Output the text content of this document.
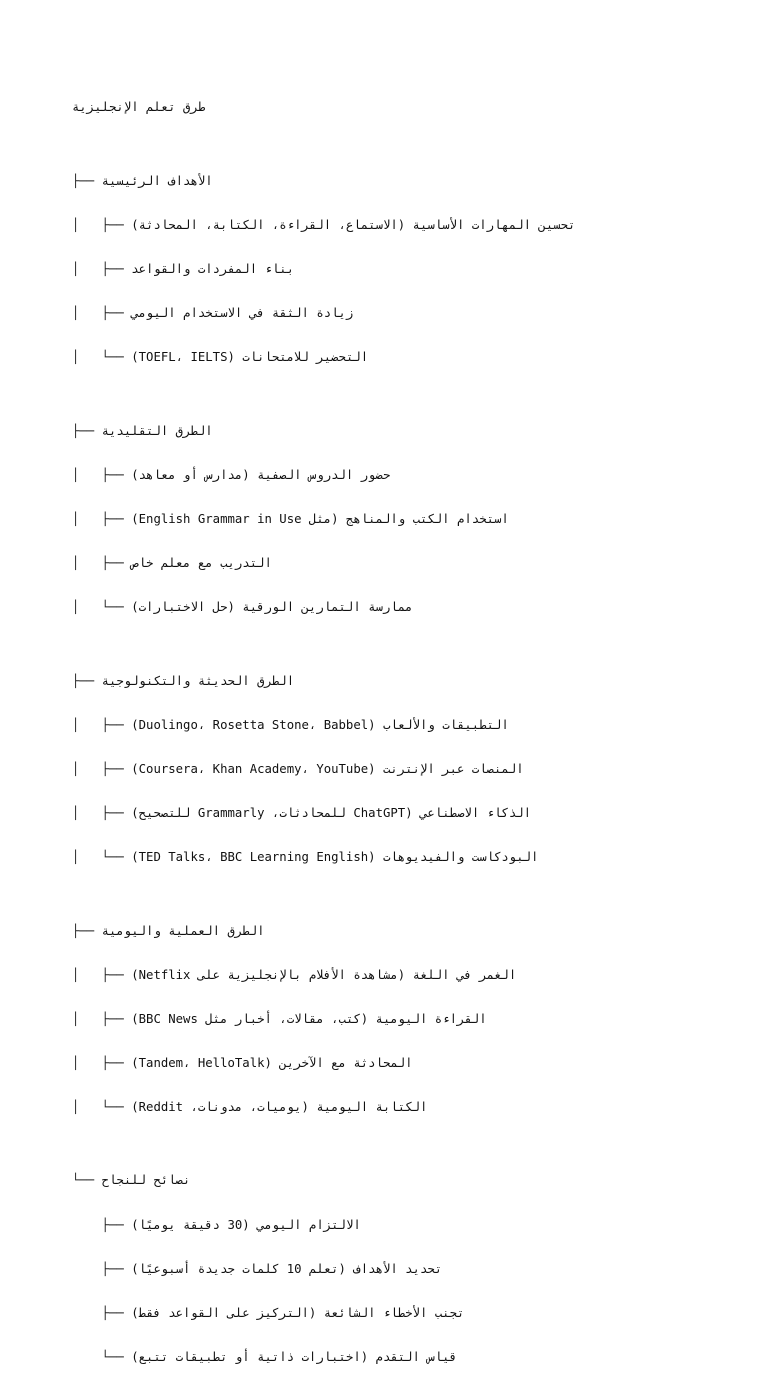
طرق تعلم الإنجليزية

├── الأهداف الرئيسية

│   ├── تحسين المهارات الأساسية (الاستماع، القراءة، الكتابة، المحادثة)

│   ├── بناء المفردات والقواعد

│   ├── زيادة الثقة في الاستخدام اليومي

│   └── التحضير للامتحانات (TOEFL، IELTS)

├── الطرق التقليدية

│   ├── حضور الدروس الصفية (مدارس أو معاهد)

│   ├── استخدام الكتب والمناهج (مثل English Grammar in Use)

│   ├── التدريب مع معلم خاص

│   └── ممارسة التمارين الورقية (حل الاختبارات)

├── الطرق الحديثة والتكنولوجية

│   ├── التطبيقات والألعاب (Duolingo، Rosetta Stone، Babbel)

│   ├── المنصات عبر الإنترنت (Coursera، Khan Academy، YouTube)

│   ├── الذكاء الاصطناعي (ChatGPT للمحادثات، Grammarly للتصحيح)

│   └── البودكاست والفيديوهات (TED Talks، BBC Learning English)

├── الطرق العملية واليومية

│   ├── الغمر في اللغة (مشاهدة الأفلام بالإنجليزية على Netflix)

│   ├── القراءة اليومية (كتب، مقالات، أخبار مثل BBC News)

│   ├── المحادثة مع الآخرين (Tandem، HelloTalk)

│   └── الكتابة اليومية (يوميات، مدونات، Reddit)

└── نصائح للنجاح

├── الالتزام اليومي (30 دقيقة يوميًا)

├── تحديد الأهداف (تعلم 10 كلمات جديدة أسبوعيًا)

├── تجنب الأخطاء الشائعة (التركيز على القواعد فقط)

└── قياس التقدم (اختبارات ذاتية أو تطبيقات تتبع)
